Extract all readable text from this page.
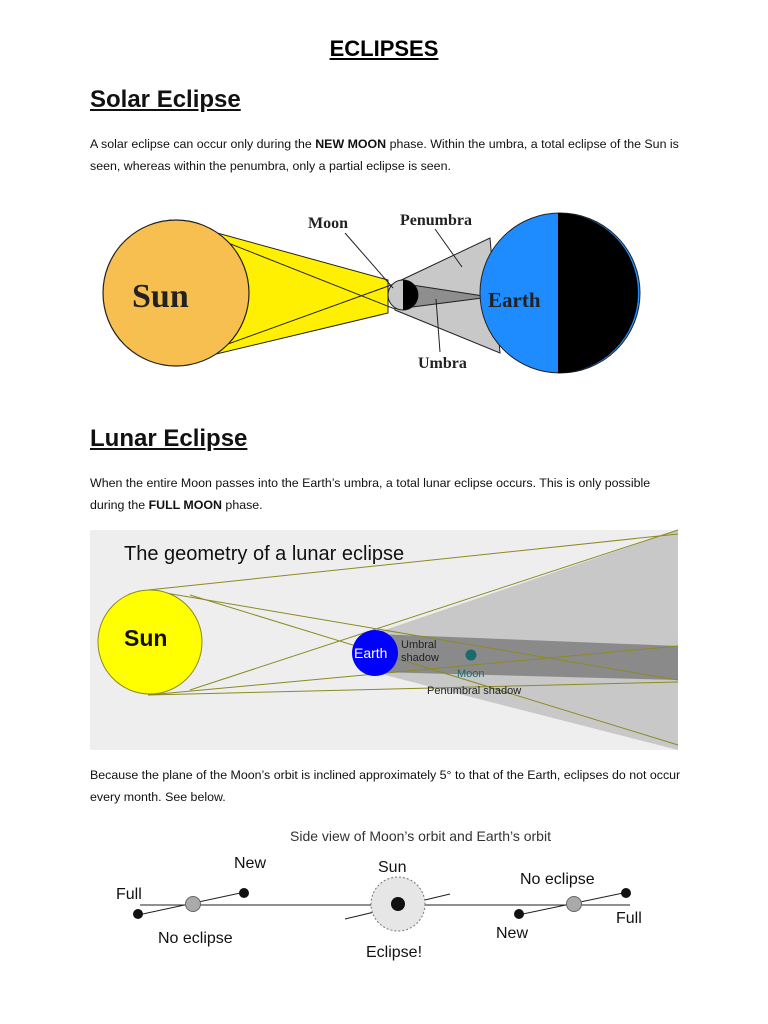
ECLIPSES
Solar Eclipse
A solar eclipse can occur only during the NEW MOON phase. Within the umbra, a total eclipse of the Sun is seen, whereas within the penumbra, only a partial eclipse is seen.
Sun	Earth
Moon	Penumbra
Umbra
Lunar Eclipse
When the entire Moon passes into the Earth’s umbra, a total lunar eclipse occurs. This is only possible during the FULL MOON phase.
The geometry of a lunar eclipse
Sun
Earth
Moon
Umbral
shadow
Penumbral shadow
Because the plane of the Moon’s orbit is inclined approximately 5° to that of the Earth, eclipses do not occur every month. See below.
Side view of Moon’s orbit and Earth’s orbit
Full
New
No eclipse
Sun
Eclipse!
No eclipse
New
Full
